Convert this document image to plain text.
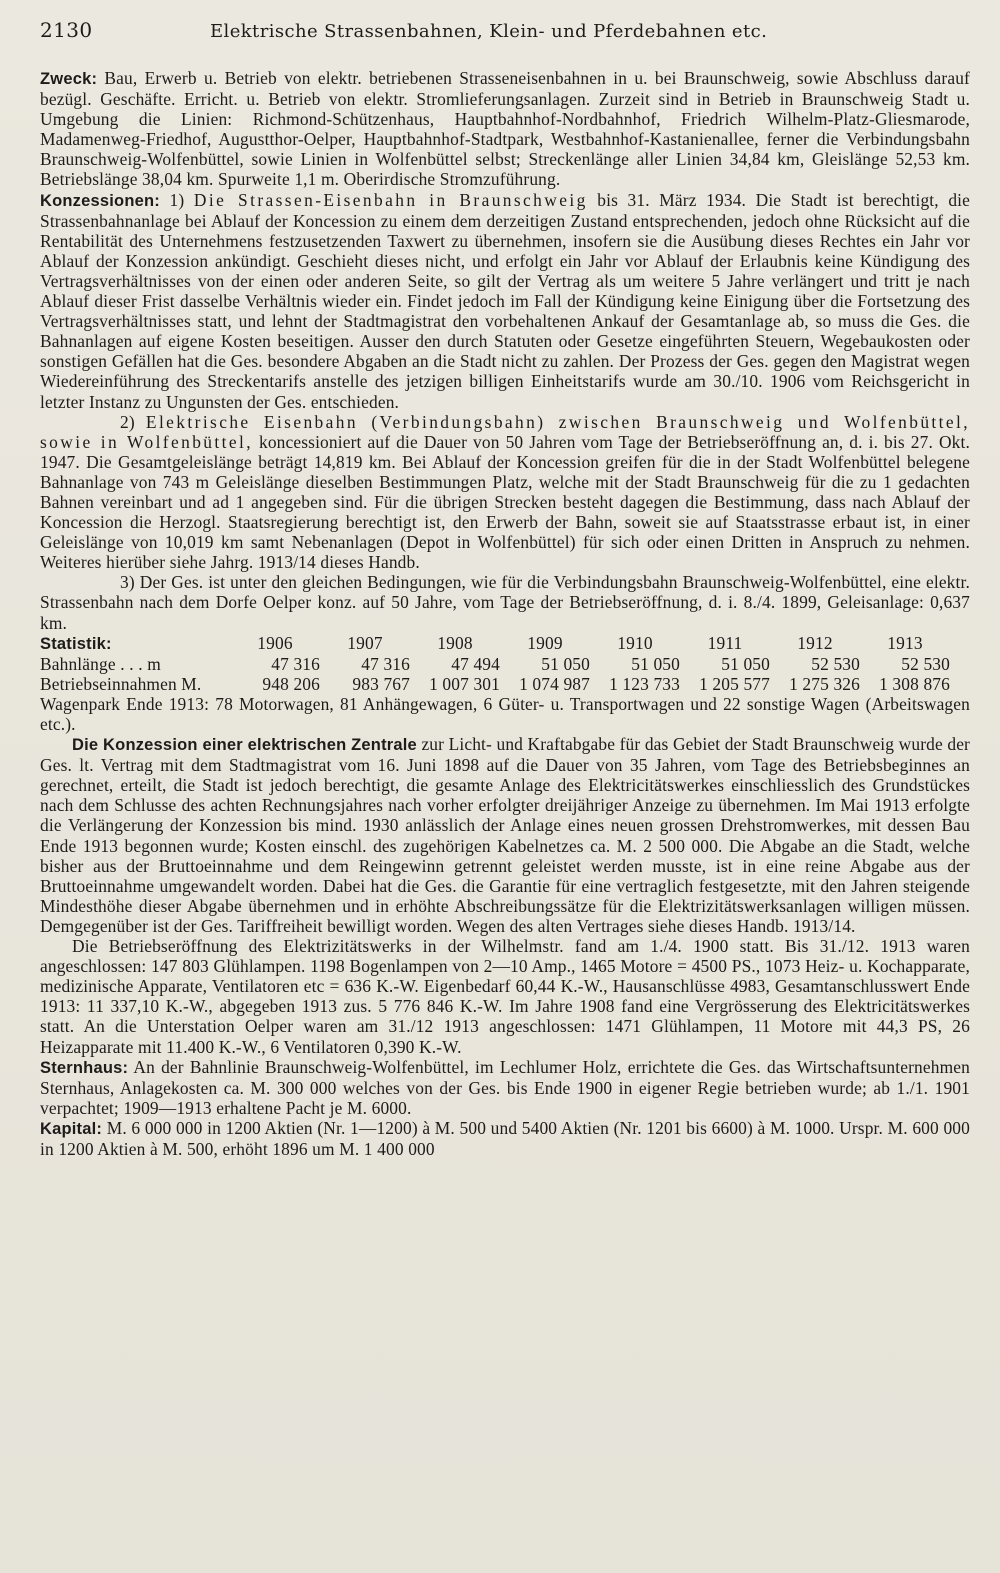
2130	Elektrische Strassenbahnen, Klein- und Pferdebahnen etc.

Zweck: Bau, Erwerb u. Betrieb von elektr. betriebenen Strasseneisenbahnen in u. bei Braunschweig, sowie Abschluss darauf bezügl. Geschäfte. Erricht. u. Betrieb von elektr. Stromlieferungsanlagen. Zurzeit sind in Betrieb in Braunschweig Stadt u. Umgebung die Linien: Richmond-Schützenhaus, Hauptbahnhof-Nordbahnhof, Friedrich Wilhelm-Platz-Gliesmarode, Madamenweg-Friedhof, Augustthor-Oelper, Hauptbahnhof-Stadtpark, Westbahnhof-Kastanienallee, ferner die Verbindungsbahn Braunschweig-Wolfenbüttel, sowie Linien in Wolfenbüttel selbst; Streckenlänge aller Linien 34,84 km, Gleislänge 52,53 km. Betriebslänge 38,04 km. Spurweite 1,1 m. Oberirdische Stromzuführung.

Konzessionen: 1) Die Strassen-Eisenbahn in Braunschweig bis 31. März 1934. Die Stadt ist berechtigt, die Strassenbahnanlage bei Ablauf der Koncession zu einem dem derzeitigen Zustand entsprechenden, jedoch ohne Rücksicht auf die Rentabilität des Unternehmens festzusetzenden Taxwert zu übernehmen, insofern sie die Ausübung dieses Rechtes ein Jahr vor Ablauf der Konzession ankündigt. Geschieht dieses nicht, und erfolgt ein Jahr vor Ablauf der Erlaubnis keine Kündigung des Vertragsverhältnisses von der einen oder anderen Seite, so gilt der Vertrag als um weitere 5 Jahre verlängert und tritt je nach Ablauf dieser Frist dasselbe Verhältnis wieder ein. Findet jedoch im Fall der Kündigung keine Einigung über die Fortsetzung des Vertragsverhältnisses statt, und lehnt der Stadtmagistrat den vorbehaltenen Ankauf der Gesamtanlage ab, so muss die Ges. die Bahnanlagen auf eigene Kosten beseitigen. Ausser den durch Statuten oder Gesetze eingeführten Steuern, Wegebaukosten oder sonstigen Gefällen hat die Ges. besondere Abgaben an die Stadt nicht zu zahlen. Der Prozess der Ges. gegen den Magistrat wegen Wiedereinführung des Streckentarifs anstelle des jetzigen billigen Einheitstarifs wurde am 30./10. 1906 vom Reichsgericht in letzter Instanz zu Ungunsten der Ges. entschieden.

2) Elektrische Eisenbahn (Verbindungsbahn) zwischen Braunschweig und Wolfenbüttel, sowie in Wolfenbüttel, koncessioniert auf die Dauer von 50 Jahren vom Tage der Betriebseröffnung an, d. i. bis 27. Okt. 1947. Die Gesamtgeleislänge beträgt 14,819 km. Bei Ablauf der Koncession greifen für die in der Stadt Wolfenbüttel belegene Bahnanlage von 743 m Geleislänge dieselben Bestimmungen Platz, welche mit der Stadt Braunschweig für die zu 1 gedachten Bahnen vereinbart und ad 1 angegeben sind. Für die übrigen Strecken besteht dagegen die Bestimmung, dass nach Ablauf der Koncession die Herzogl. Staatsregierung berechtigt ist, den Erwerb der Bahn, soweit sie auf Staatsstrasse erbaut ist, in einer Geleislänge von 10,019 km samt Nebenanlagen (Depot in Wolfenbüttel) für sich oder einen Dritten in Anspruch zu nehmen. Weiteres hierüber siehe Jahrg. 1913/14 dieses Handb.

3) Der Ges. ist unter den gleichen Bedingungen, wie für die Verbindungsbahn Braunschweig-Wolfenbüttel, eine elektr. Strassenbahn nach dem Dorfe Oelper konz. auf 50 Jahre, vom Tage der Betriebseröffnung, d. i. 8./4. 1899, Geleisanlage: 0,637 km.

Statistik:	1906	1907	1908	1909	1910	1911	1912	1913
Bahnlänge . . . m	47 316	47 316	47 494	51 050	51 050	51 050	52 530	52 530
Betriebseinnahmen M.	948 206	983 767	1 007 301	1 074 987	1 123 733	1 205 577	1 275 326	1 308 876

Wagenpark Ende 1913: 78 Motorwagen, 81 Anhängewagen, 6 Güter- u. Transportwagen und 22 sonstige Wagen (Arbeitswagen etc.).

Die Konzession einer elektrischen Zentrale zur Licht- und Kraftabgabe für das Gebiet der Stadt Braunschweig wurde der Ges. lt. Vertrag mit dem Stadtmagistrat vom 16. Juni 1898 auf die Dauer von 35 Jahren, vom Tage des Betriebsbeginnes an gerechnet, erteilt, die Stadt ist jedoch berechtigt, die gesamte Anlage des Elektricitätswerkes einschliesslich des Grundstückes nach dem Schlusse des achten Rechnungsjahres nach vorher erfolgter dreijähriger Anzeige zu übernehmen. Im Mai 1913 erfolgte die Verlängerung der Konzession bis mind. 1930 anlässlich der Anlage eines neuen grossen Drehstromwerkes, mit dessen Bau Ende 1913 begonnen wurde; Kosten einschl. des zugehörigen Kabelnetzes ca. M. 2 500 000. Die Abgabe an die Stadt, welche bisher aus der Bruttoeinnahme und dem Reingewinn getrennt geleistet werden musste, ist in eine reine Abgabe aus der Bruttoeinnahme umgewandelt worden. Dabei hat die Ges. die Garantie für eine vertraglich festgesetzte, mit den Jahren steigende Mindesthöhe dieser Abgabe übernehmen und in erhöhte Abschreibungssätze für die Elektrizitätswerksanlagen willigen müssen. Demgegenüber ist der Ges. Tariffreiheit bewilligt worden. Wegen des alten Vertrages siehe dieses Handb. 1913/14.

Die Betriebseröffnung des Elektrizitätswerks in der Wilhelmstr. fand am 1./4. 1900 statt. Bis 31./12. 1913 waren angeschlossen: 147 803 Glühlampen. 1198 Bogenlampen von 2—10 Amp., 1465 Motore = 4500 PS., 1073 Heiz- u. Kochapparate, medizinische Apparate, Ventilatoren etc = 636 K.-W. Eigenbedarf 60,44 K.-W., Hausanschlüsse 4983, Gesamtanschlusswert Ende 1913: 11 337,10 K.-W., abgegeben 1913 zus. 5 776 846 K.-W. Im Jahre 1908 fand eine Vergrösserung des Elektricitätswerkes statt. An die Unterstation Oelper waren am 31./12 1913 angeschlossen: 1471 Glühlampen, 11 Motore mit 44,3 PS, 26 Heizapparate mit 11.400 K.-W., 6 Ventilatoren 0,390 K.-W.

Sternhaus: An der Bahnlinie Braunschweig-Wolfenbüttel, im Lechlumer Holz, errichtete die Ges. das Wirtschaftsunternehmen Sternhaus, Anlagekosten ca. M. 300 000 welches von der Ges. bis Ende 1900 in eigener Regie betrieben wurde; ab 1./1. 1901 verpachtet; 1909—1913 erhaltene Pacht je M. 6000.

Kapital: M. 6 000 000 in 1200 Aktien (Nr. 1—1200) à M. 500 und 5400 Aktien (Nr. 1201 bis 6600) à M. 1000. Urspr. M. 600 000 in 1200 Aktien à M. 500, erhöht 1896 um M. 1 400 000
